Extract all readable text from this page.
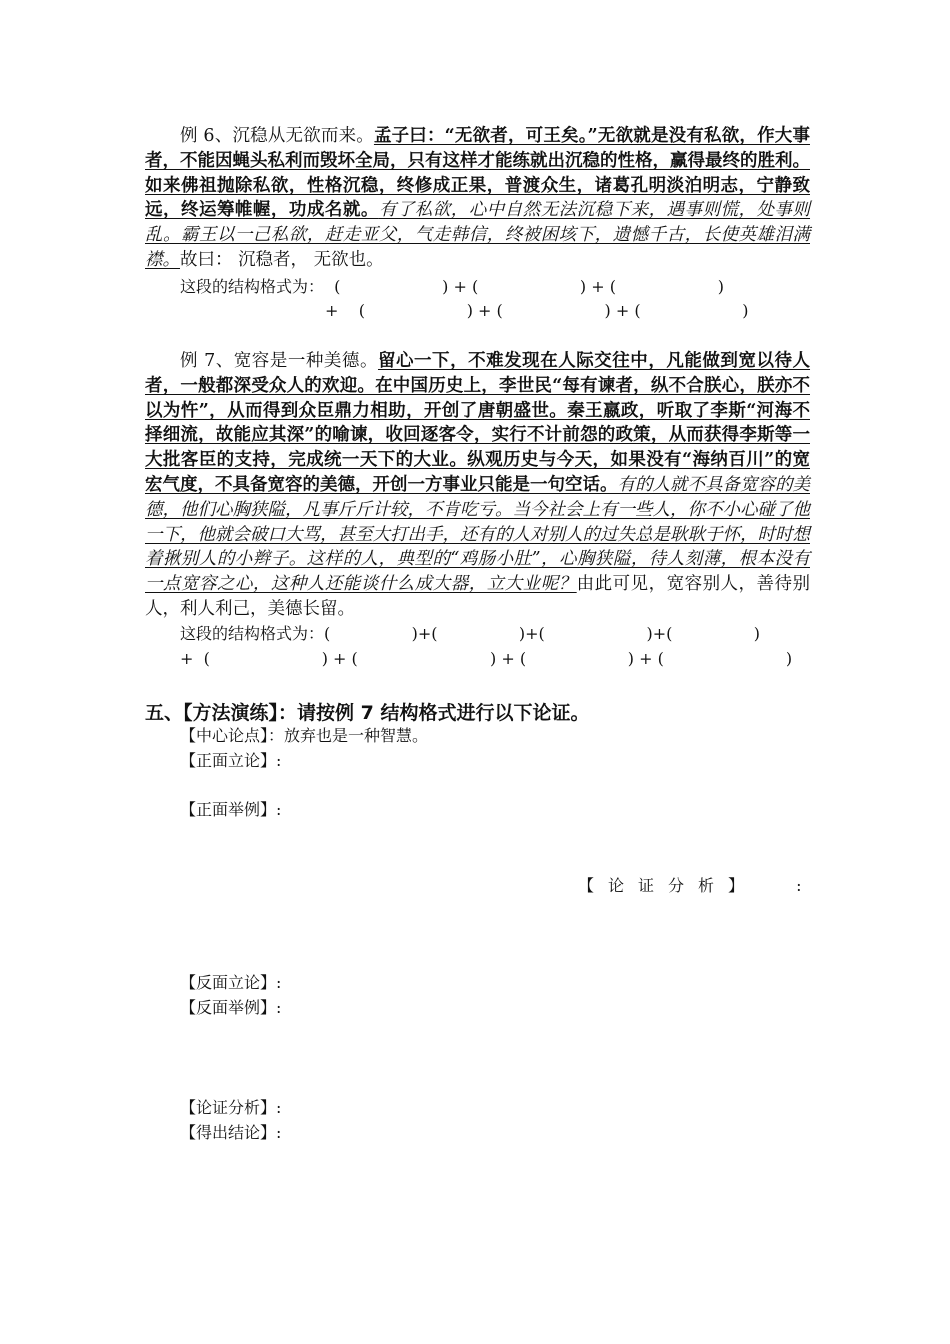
例 6、沉稳从无欲而来。孟子曰：“无欲者，可王矣。”无欲就是没有私欲，作大事者，不能因蝇头私利而毁坏全局，只有这样才能练就出沉稳的性格，赢得最终的胜利。如来佛祖抛除私欲，性格沉稳，终修成正果，普渡众生，诸葛孔明淡泊明志，宁静致远，终运筹帷幄，功成名就。有了私欲，心中自然无法沉稳下来，遇事则慌，处事则乱。霸王以一己私欲，赶走亚父，气走韩信，终被困垓下，遗憾千古，长使英雄泪满襟。故曰： 沉稳者， 无欲也。
这段的结构格式为：  (                    ) + (                    ) + (                    )
+    (                    ) + (                    ) + (                    )
例 7、宽容是一种美德。留心一下，不难发现在人际交往中，凡能做到宽以待人者，一般都深受众人的欢迎。在中国历史上，李世民“每有谏者，纵不合朕心，朕亦不以为忤”，从而得到众臣鼎力相助，开创了唐朝盛世。秦王嬴政，听取了李斯“河海不择细流，故能应其深”的喻谏，收回逐客令，实行不计前怨的政策，从而获得李斯等一大批客臣的支持，完成统一天下的大业。纵观历史与今天，如果没有“海纳百川”的宽宏气度，不具备宽容的美德，开创一方事业只能是一句空话。有的人就不具备宽容的美德，他们心胸狭隘，凡事斤斤计较，不肯吃亏。当今社会上有一些人，你不小心碰了他一下，他就会破口大骂，甚至大打出手，还有的人对别人的过失总是耿耿于怀，时时想着揪别人的小辫子。这样的人，典型的“鸡肠小肚”，心胸狭隘，待人刻薄，根本没有一点宽容之心，这种人还能谈什么成大器，立大业呢？由此可见，宽容别人，善待别人，利人利己，美德长留。
这段的结构格式为：(                )+(                )+(                    )+(                )
+  (                      ) + (                          ) + (                    ) + (                        )
五、【方法演练】：请按例 7 结构格式进行以下论证。
【中心论点】：放弃也是一种智慧。
【正面立论】:
【正面举例】:
【论证分析】  :
【反面立论】:
【反面举例】:
【论证分析】:
【得出结论】:
